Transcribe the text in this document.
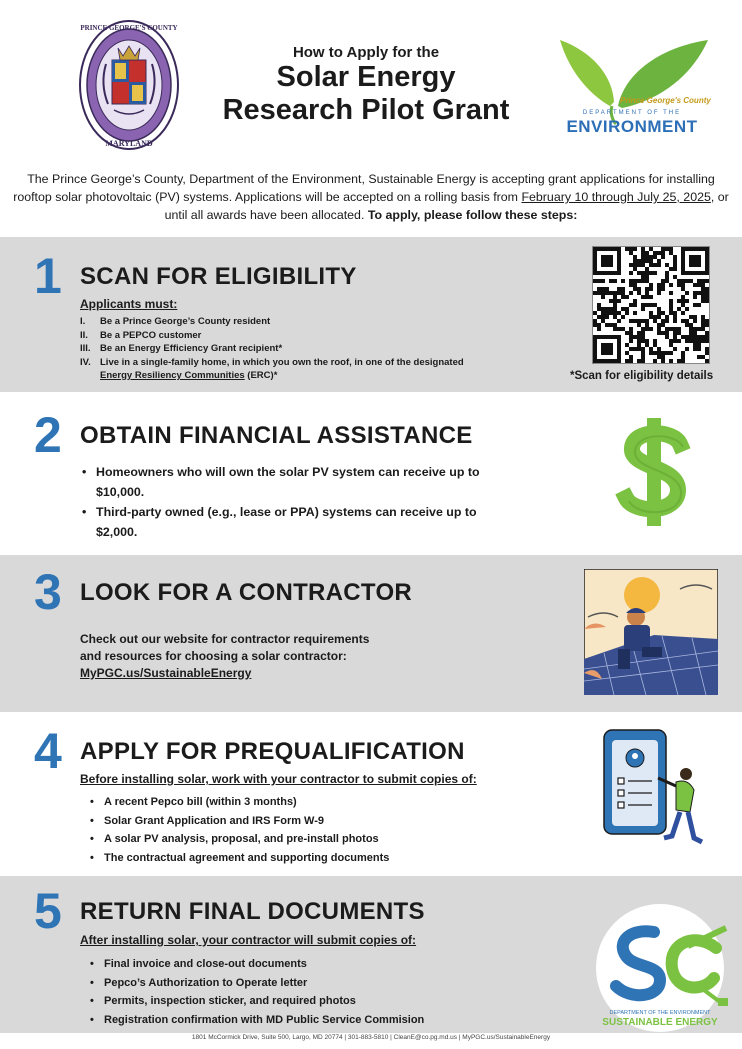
PRINCE GEORGE'S COUNTY
MARYLAND
How to Apply for the
Solar Energy
Research Pilot Grant	Prince George's County
DEPARTMENT OF THE
ENVIRONMENT

The Prince George’s County, Department of the Environment, Sustainable Energy is accepting grant applications for installing rooftop solar photovoltaic (PV) systems. Applications will be accepted on a rolling basis from February 10 through July 25, 2025, or until all awards have been allocated. To apply, please follow these steps:

1 SCAN FOR ELIGIBILITY
Applicants must:
I. Be a Prince George’s County resident
II. Be a PEPCO customer
III. Be an Energy Efficiency Grant recipient*
IV. Live in a single-family home, in which you own the roof, in one of the designated Energy Resiliency Communities (ERC)*	*Scan for eligibility details
2 OBTAIN FINANCIAL ASSISTANCE
• Homeowners who will own the solar PV system can receive up to $10,000.
• Third-party owned (e.g., lease or PPA) systems can receive up to $2,000.
3 LOOK FOR A CONTRACTOR
Check out our website for contractor requirements
and resources for choosing a solar contractor:
MyPGC.us/SustainableEnergy
4 APPLY FOR PREQUALIFICATION
Before installing solar, work with your contractor to submit copies of:
• A recent Pepco bill (within 3 months)
• Solar Grant Application and IRS Form W-9
• A solar PV analysis, proposal, and pre-install photos
• The contractual agreement and supporting documents
5 RETURN FINAL DOCUMENTS
After installing solar, your contractor will submit copies of:
• Final invoice and close-out documents
• Pepco’s Authorization to Operate letter
• Permits, inspection sticker, and required photos
• Registration confirmation with MD Public Service Commision
DEPARTMENT OF THE ENVIRONMENT
SUSTAINABLE ENERGY
1801 McCormick Drive, Suite 500, Largo, MD 20774 | 301-883-5810 | CleanE@co.pg.md.us | MyPGC.us/SustainableEnergy
